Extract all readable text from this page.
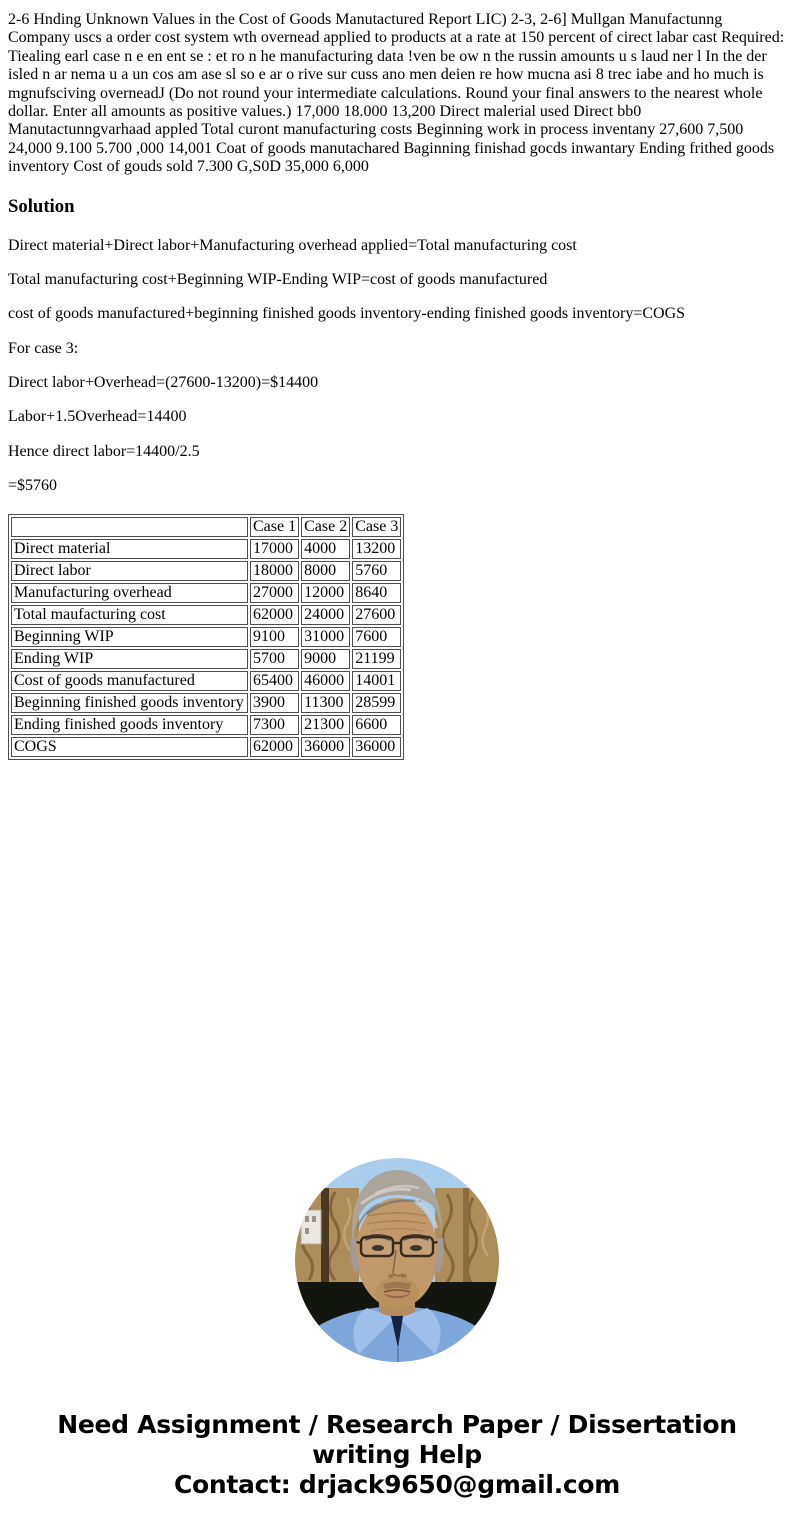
2-6 Hnding Unknown Values in the Cost of Goods Manutactured Report LIC) 2-3, 2-6] Mullgan Manufactunng Company uscs a order cost system wth overnead applied to products at a rate at 150 percent of cirect labar cast Required: Tiealing earl case n e en ent se : et ro n he manufacturing data !ven be ow n the russin amounts u s laud ner l In the der isled n ar nema u a un cos am ase sl so e ar o rive sur cuss ano men deien re how mucna asi 8 trec iabe and ho much is mgnufsciving overneadJ (Do not round your intermediate calculations. Round your final answers to the nearest whole dollar. Enter all amounts as positive values.) 17,000 18.000 13,200 Direct malerial used Direct bb0 Manutactunngvarhaad appled Total curont manufacturing costs Beginning work in process inventany 27,600 7,500 24,000 9.100 5.700 ,000 14,001 Coat of goods manutachared Baginning finishad gocds inwantary Ending frithed goods inventory Cost of gouds sold 7.300 G,S0D 35,000 6,000

Solution

Direct material+Direct labor+Manufacturing overhead applied=Total manufacturing cost

Total manufacturing cost+Beginning WIP-Ending WIP=cost of goods manufactured

cost of goods manufactured+beginning finished goods inventory-ending finished goods inventory=COGS

For case 3:

Direct labor+Overhead=(27600-13200)=$14400

Labor+1.5Overhead=14400

Hence direct labor=14400/2.5

=$5760

	Case 1	Case 2	Case 3
Direct material	17000	4000	13200
Direct labor	18000	8000	5760
Manufacturing overhead	27000	12000	8640
Total maufacturing cost	62000	24000	27600
Beginning WIP	9100	31000	7600
Ending WIP	5700	9000	21199
Cost of goods manufactured	65400	46000	14001
Beginning finished goods inventory	3900	11300	28599
Ending finished goods inventory	7300	21300	6600
COGS	62000	36000	36000
Need Assignment / Research Paper / Dissertation
writing Help
Contact: drjack9650@gmail.com
